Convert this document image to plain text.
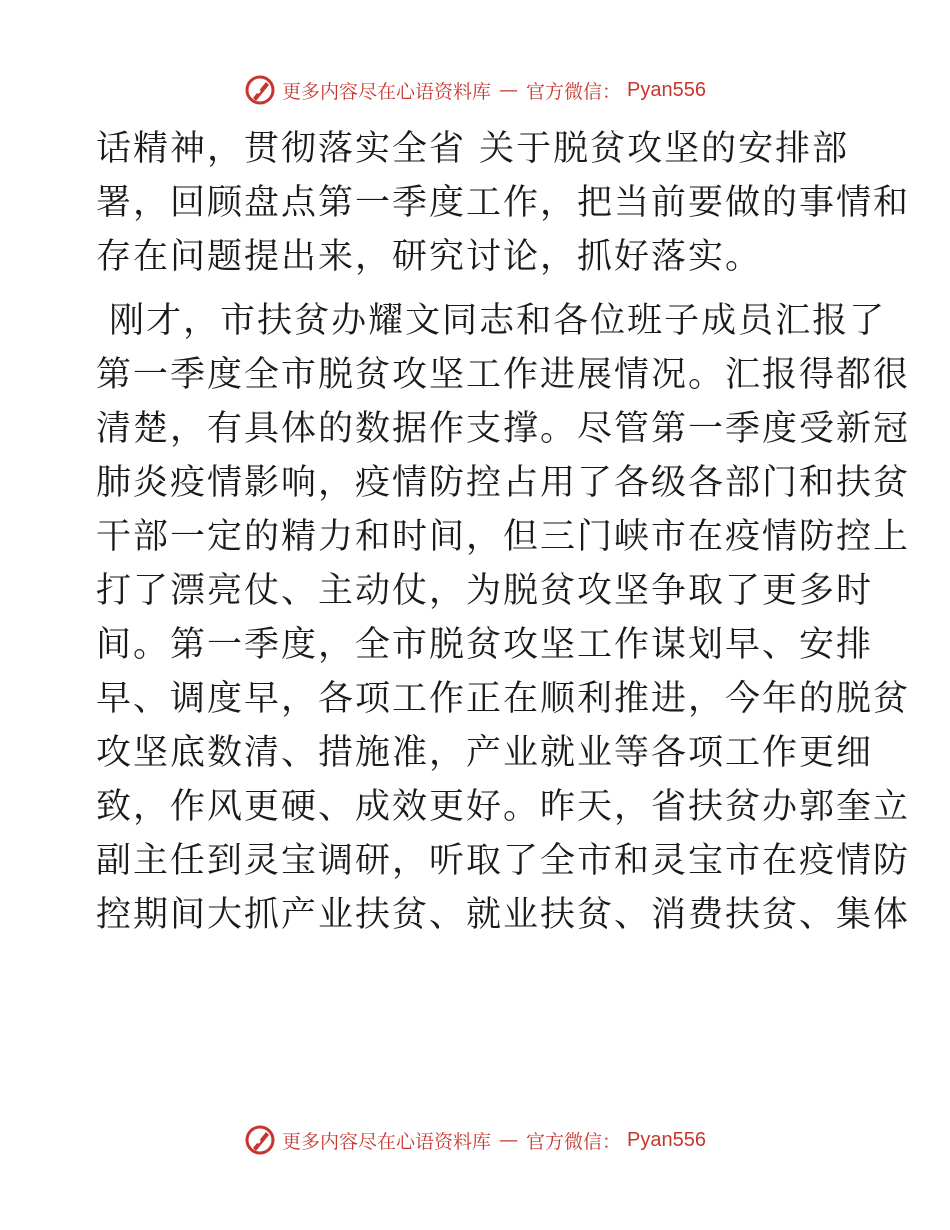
更多内容尽在心语资料库 — 官方微信： Pyan556
话精神，贯彻落实全省 关于脱贫攻坚的安排部
署，回顾盘点第一季度工作，把当前要做的事情和
存在问题提出来，研究讨论，抓好落实。
刚才，市扶贫办耀文同志和各位班子成员汇报了
第一季度全市脱贫攻坚工作进展情况。汇报得都很
清楚，有具体的数据作支撑。尽管第一季度受新冠
肺炎疫情影响，疫情防控占用了各级各部门和扶贫
干部一定的精力和时间，但三门峡市在疫情防控上
打了漂亮仗、主动仗，为脱贫攻坚争取了更多时
间。第一季度，全市脱贫攻坚工作谋划早、安排
早、调度早，各项工作正在顺利推进，今年的脱贫
攻坚底数清、措施准，产业就业等各项工作更细
致，作风更硬、成效更好。昨天，省扶贫办郭奎立
副主任到灵宝调研，听取了全市和灵宝市在疫情防
控期间大抓产业扶贫、就业扶贫、消费扶贫、集体
更多内容尽在心语资料库 — 官方微信： Pyan556
